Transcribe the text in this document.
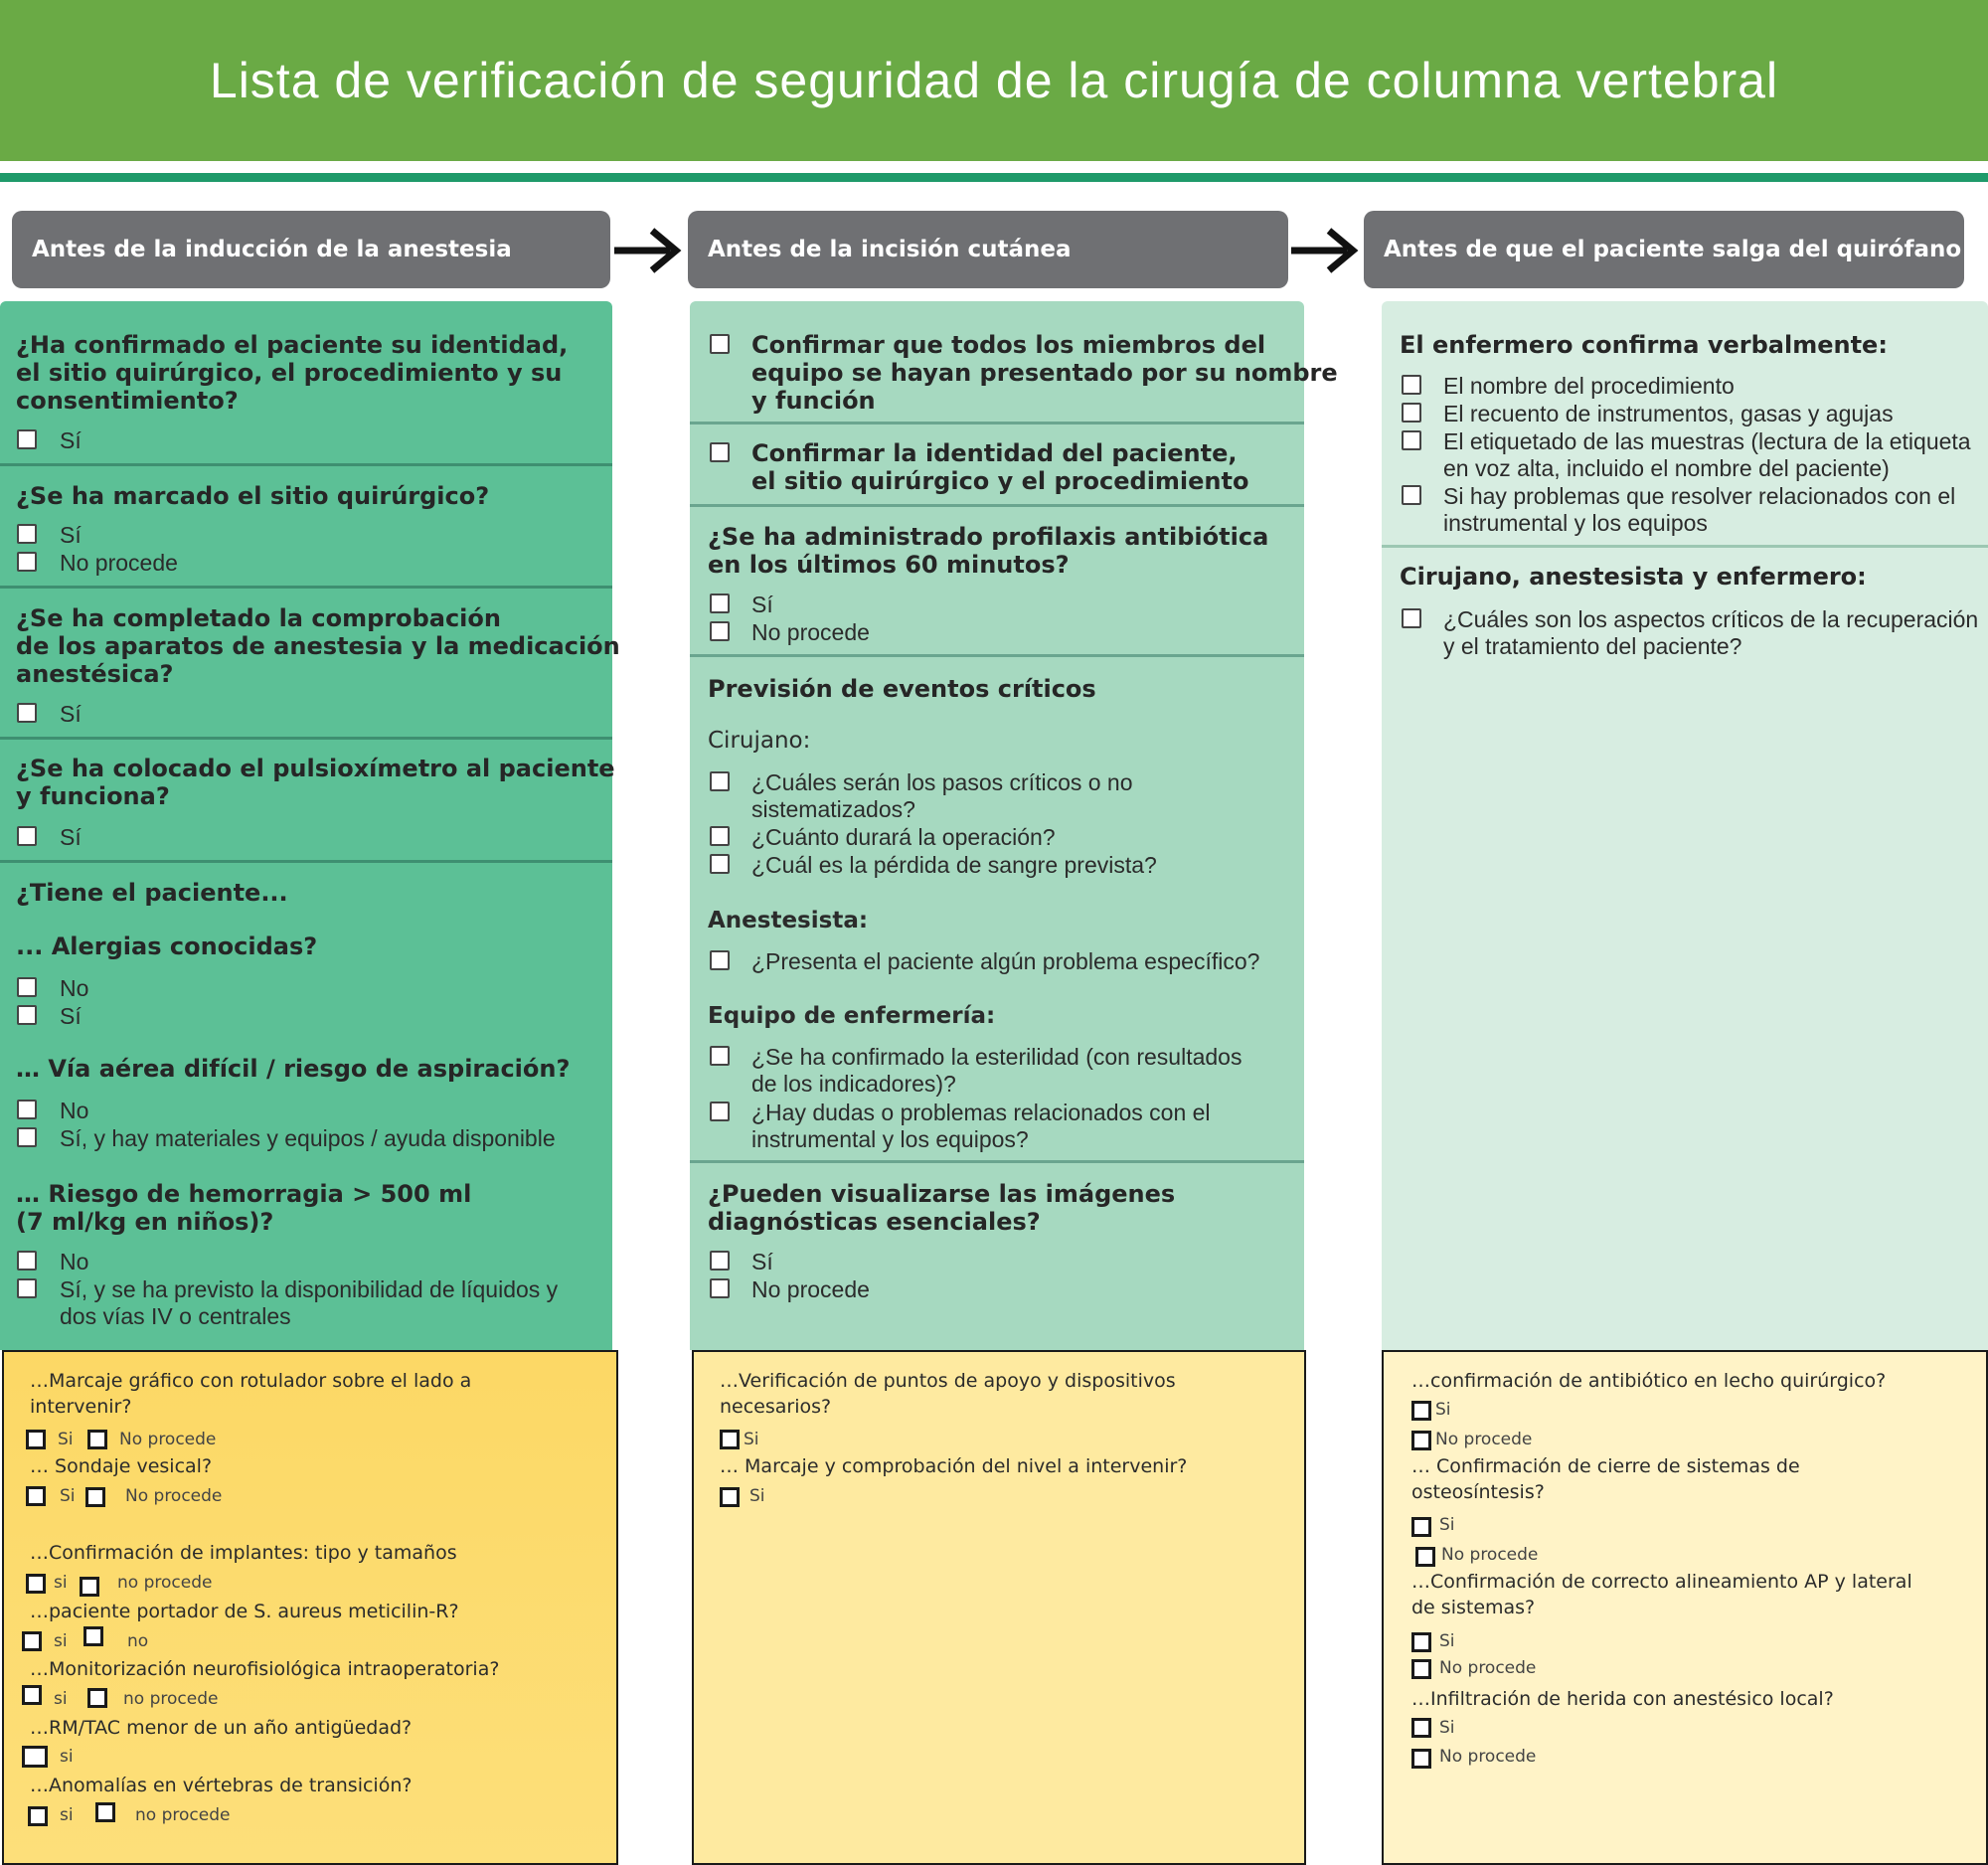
Lista de verificación de seguridad de la cirugía de columna vertebral
Antes de la inducción de la anestesia	Antes de la incisión cutánea	Antes de que el paciente salga del quirófano
¿Ha confirmado el paciente su identidad,
el sitio quirúrgico, el procedimiento y su
consentimiento?
Sí
¿Se ha marcado el sitio quirúrgico?
Sí
No procede
¿Se ha completado la comprobación
de los aparatos de anestesia y la medicación
anestésica?
Sí
¿Se ha colocado el pulsioxímetro al paciente
y funciona?
Sí
¿Tiene el paciente...
... Alergias conocidas?
No
Sí
… Vía aérea difícil / riesgo de aspiración?
No
Sí, y hay materiales y equipos / ayuda disponible
… Riesgo de hemorragia > 500 ml
(7 ml/kg en niños)?
No
Sí, y se ha previsto la disponibilidad de líquidos y
dos vías IV o centrales
Confirmar que todos los miembros del
equipo se hayan presentado por su nombre
y función
Confirmar la identidad del paciente,
el sitio quirúrgico y el procedimiento
¿Se ha administrado profilaxis antibiótica
en los últimos 60 minutos?
Sí
No procede
Previsión de eventos críticos
Cirujano:
¿Cuáles serán los pasos críticos o no
sistematizados?
¿Cuánto durará la operación?
¿Cuál es la pérdida de sangre prevista?
Anestesista:
¿Presenta el paciente algún problema específico?
Equipo de enfermería:
¿Se ha confirmado la esterilidad (con resultados
de los indicadores)?
¿Hay dudas o problemas relacionados con el
instrumental y los equipos?
¿Pueden visualizarse las imágenes
diagnósticas esenciales?
Sí
No procede
El enfermero confirma verbalmente:
El nombre del procedimiento
El recuento de instrumentos, gasas y agujas
El etiquetado de las muestras (lectura de la etiqueta
en voz alta, incluido el nombre del paciente)
Si hay problemas que resolver relacionados con el
instrumental y los equipos
Cirujano, anestesista y enfermero:
¿Cuáles son los aspectos críticos de la recuperación
y el tratamiento del paciente?
…Marcaje gráfico con rotulador sobre el lado a
intervenir?
Si	No procede
… Sondaje vesical?
Si	No procede
…Confirmación de implantes: tipo y tamaños
si	no procede
…paciente portador de S. aureus meticilin-R?
si	no
…Monitorización neurofisiológica intraoperatoria?
si	no procede
…RM/TAC menor de un año antigüedad?
si
…Anomalías en vértebras de transición?
si	no procede
…Verificación de puntos de apoyo y dispositivos
necesarios?
Si
… Marcaje y comprobación del nivel a intervenir?
Si
…confirmación de antibiótico en lecho quirúrgico?
Si
No procede
… Confirmación de cierre de sistemas de
osteosíntesis?
Si
No procede
…Confirmación de correcto alineamiento AP y lateral
de sistemas?
Si
No procede
…Infiltración de herida con anestésico local?
Si
No procede
